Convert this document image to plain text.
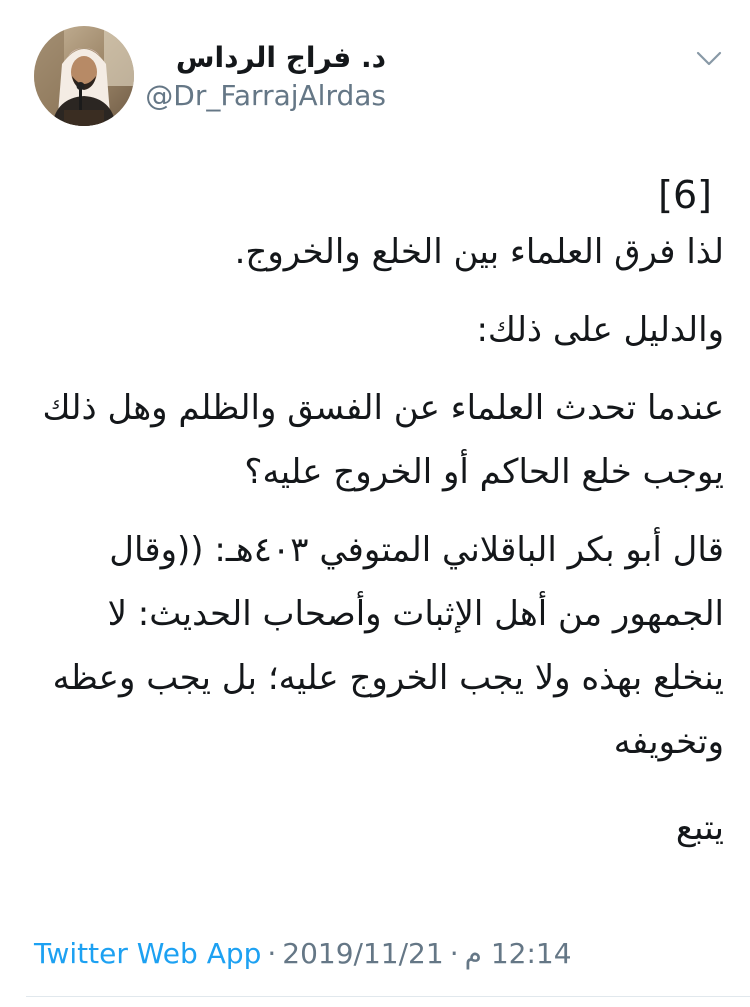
د. فراج الرداس
@Dr_FarrajAlrdas

[6]

لذا فرق العلماء بين الخلع والخروج.

والدليل على ذلك:

عندما تحدث العلماء عن الفسق والظلم وهل ذلك
يوجب خلع الحاكم أو الخروج عليه؟

قال أبو بكر الباقلاني المتوفي ٤٠٣هـ: ((وقال
الجمهور من أهل الإثبات وأصحاب الحديث: لا
ينخلع بهذه ولا يجب الخروج عليه؛ بل يجب وعظه
وتخويفه

يتبع

Twitter Web App · 2019/11/21 · 12:14 م
